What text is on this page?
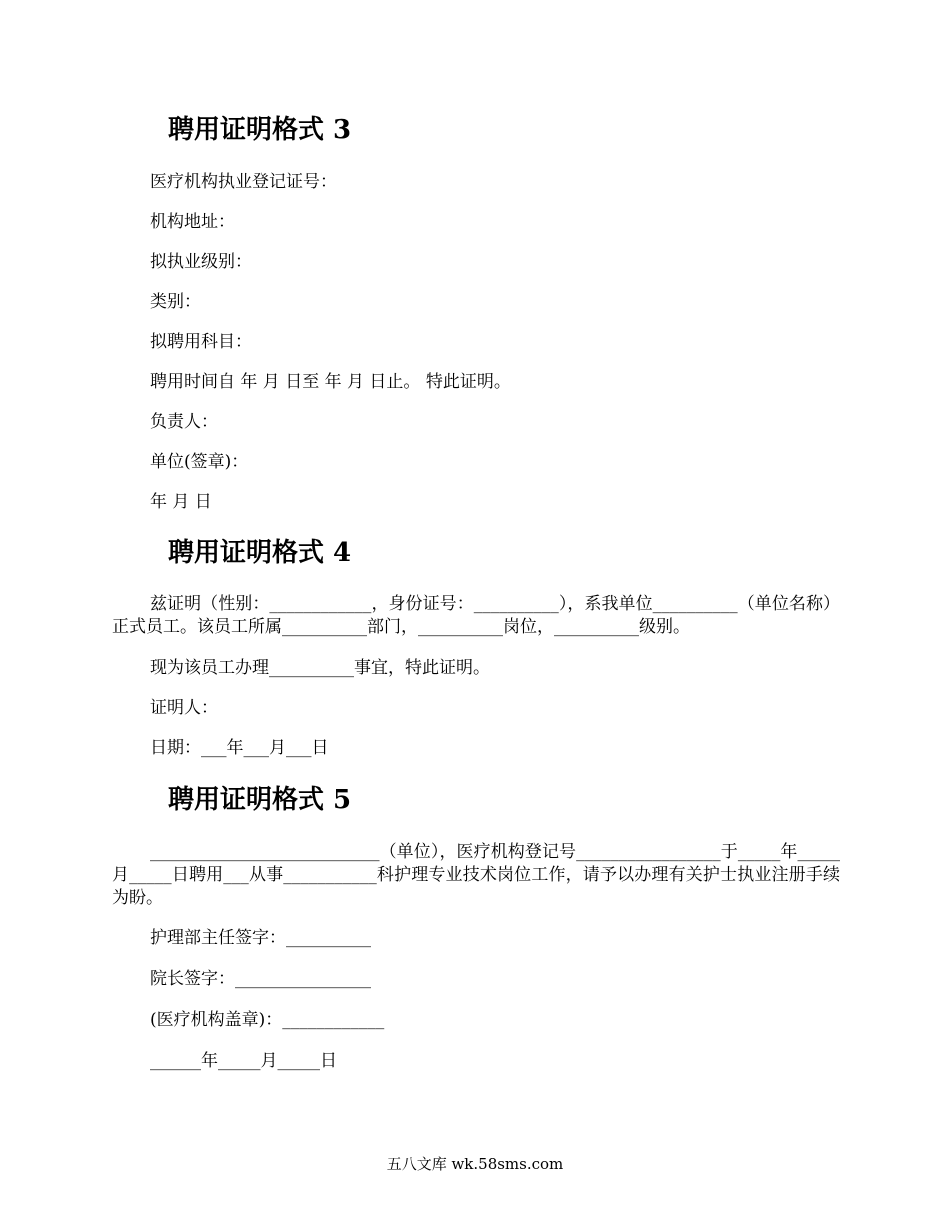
聘用证明格式 3

医疗机构执业登记证号：

机构地址：

拟执业级别：

类别：

拟聘用科目：

聘用时间自 年 月 日至 年 月 日止。 特此证明。

负责人：

单位(签章)：

年 月 日

聘用证明格式 4

兹证明（性别：____________，身份证号：__________），系我单位__________（单位名称）正式员工。该员工所属__________部门，__________岗位，__________级别。

现为该员工办理__________事宜，特此证明。

证明人：

日期：___年___月___日

聘用证明格式 5

___________________________（单位），医疗机构登记号_________________于_____年_____月_____日聘用___从事___________科护理专业技术岗位工作，请予以办理有关护士执业注册手续为盼。

护理部主任签字：__________

院长签字：________________

(医疗机构盖章)：____________

______年_____月_____日

五八文库 wk.58sms.com
